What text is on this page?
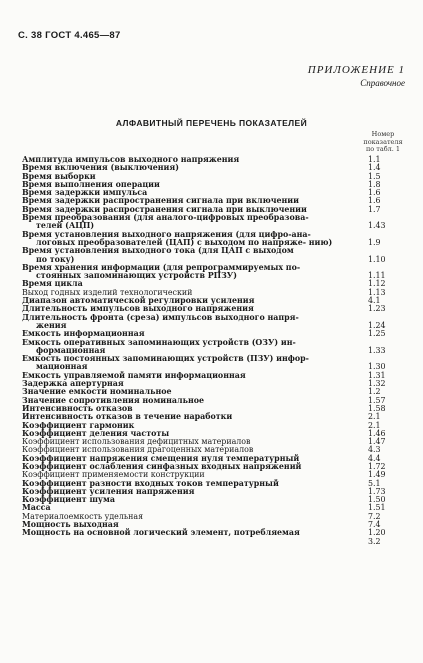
С. 38 ГОСТ 4.465—87
ПРИЛОЖЕНИЕ 1
Справочное
АЛФАВИТНЫЙ ПЕРЕЧЕНЬ ПОКАЗАТЕЛЕЙ
Номер
показателя
по табл. 1
Амплитуда импульсов выходного напряжения	1.1
Время включения (выключения)	1.4
Время выборки	1.5
Время выполнения операции	1.8
Время задержки импульса	1.6
Время задержки распространения сигнала при включении	1.6
Время задержки распространения сигнала при выключении	1.7
Время преобразования (для аналого-цифровых преобразова-
телей (АЦП)	1.43
Время установления выходного напряжения (для цифро-ана-
логовых преобразователей (ЦАП) с выходом по напряже- нию)	1.9
Время установления выходного тока (для ЦАП с выходом
по току)	1.10
Время хранения информации (для репрограммируемых по-
стоянных запоминающих устройств РПЗУ)	1.11
Время цикла	1.12
Выход годных изделий технологический	1.13
Диапазон автоматической регулировки усиления	4.1
Длительность импульсов выходного напряжения	1.23
Длительность фронта (среза) импульсов выходного напря-
жения	1.24
Емкость информационная	1.25
Емкость оперативных запоминающих устройств (ОЗУ) ин-
формационная	1.33
Емкость постоянных запоминающих устройств (ПЗУ) инфор-
мационная	1.30
Емкость управляемой памяти информационная	1.31
Задержка апертурная	1.32
Значение емкости номинальное	1.2
Значение сопротивления номинальное	1.57
Интенсивность отказов	1.58
Интенсивность отказов в течение наработки	2.1
Коэффициент гармоник	2.1
Коэффициент деления частоты	1.46
Коэффициент использования дефицитных материалов	1.47
Коэффициент использования драгоценных материалов	4.3
Коэффициент напряжения смещения нуля температурный	4.4
Коэффициент ослабления синфазных входных напряжений	1.72
Коэффициент применяемости конструкции	1.49
Коэффициент разности входных токов температурный	5.1
Коэффициент усиления напряжения	1.73
Коэффициент шума	1.50
Масса	1.51
Материалоемкость удельная	7.2
Мощность выходная	7.4
Мощность на основной логический элемент, потребляемая	1.20
3.2
